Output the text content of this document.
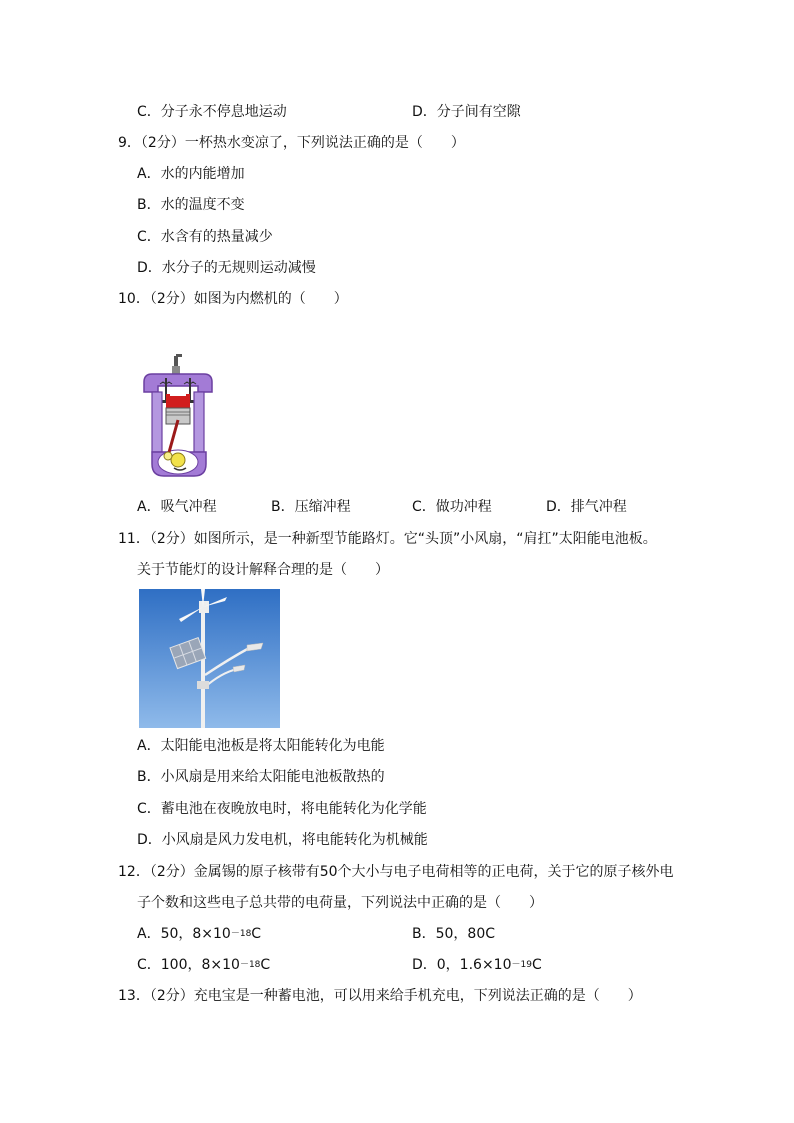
C．分子永不停息地运动	D．分子间有空隙
9．（2分）一杯热水变凉了，下列说法正确的是（　　）
A．水的内能增加
B．水的温度不变
C．水含有的热量减少
D．水分子的无规则运动减慢
10．（2分）如图为内燃机的（　　）
A．吸气冲程	B．压缩冲程	C．做功冲程	D．排气冲程
11．（2分）如图所示，是一种新型节能路灯。它“头顶”小风扇，“肩扛”太阳能电池板。
关于节能灯的设计解释合理的是（　　）
A．太阳能电池板是将太阳能转化为电能
B．小风扇是用来给太阳能电池板散热的
C．蓄电池在夜晚放电时，将电能转化为化学能
D．小风扇是风力发电机，将电能转化为机械能
12．（2分）金属锡的原子核带有50个大小与电子电荷相等的正电荷，关于它的原子核外电
子个数和这些电子总共带的电荷量，下列说法中正确的是（　　）
A．50，$8\times 10^{-18}C$	B．50，80C
C．100，$8\times 10^{-18}C$	D．0，$1.6\times 10^{-19}C$
13．（2分）充电宝是一种蓄电池，可以用来给手机充电，下列说法正确的是（　　）
